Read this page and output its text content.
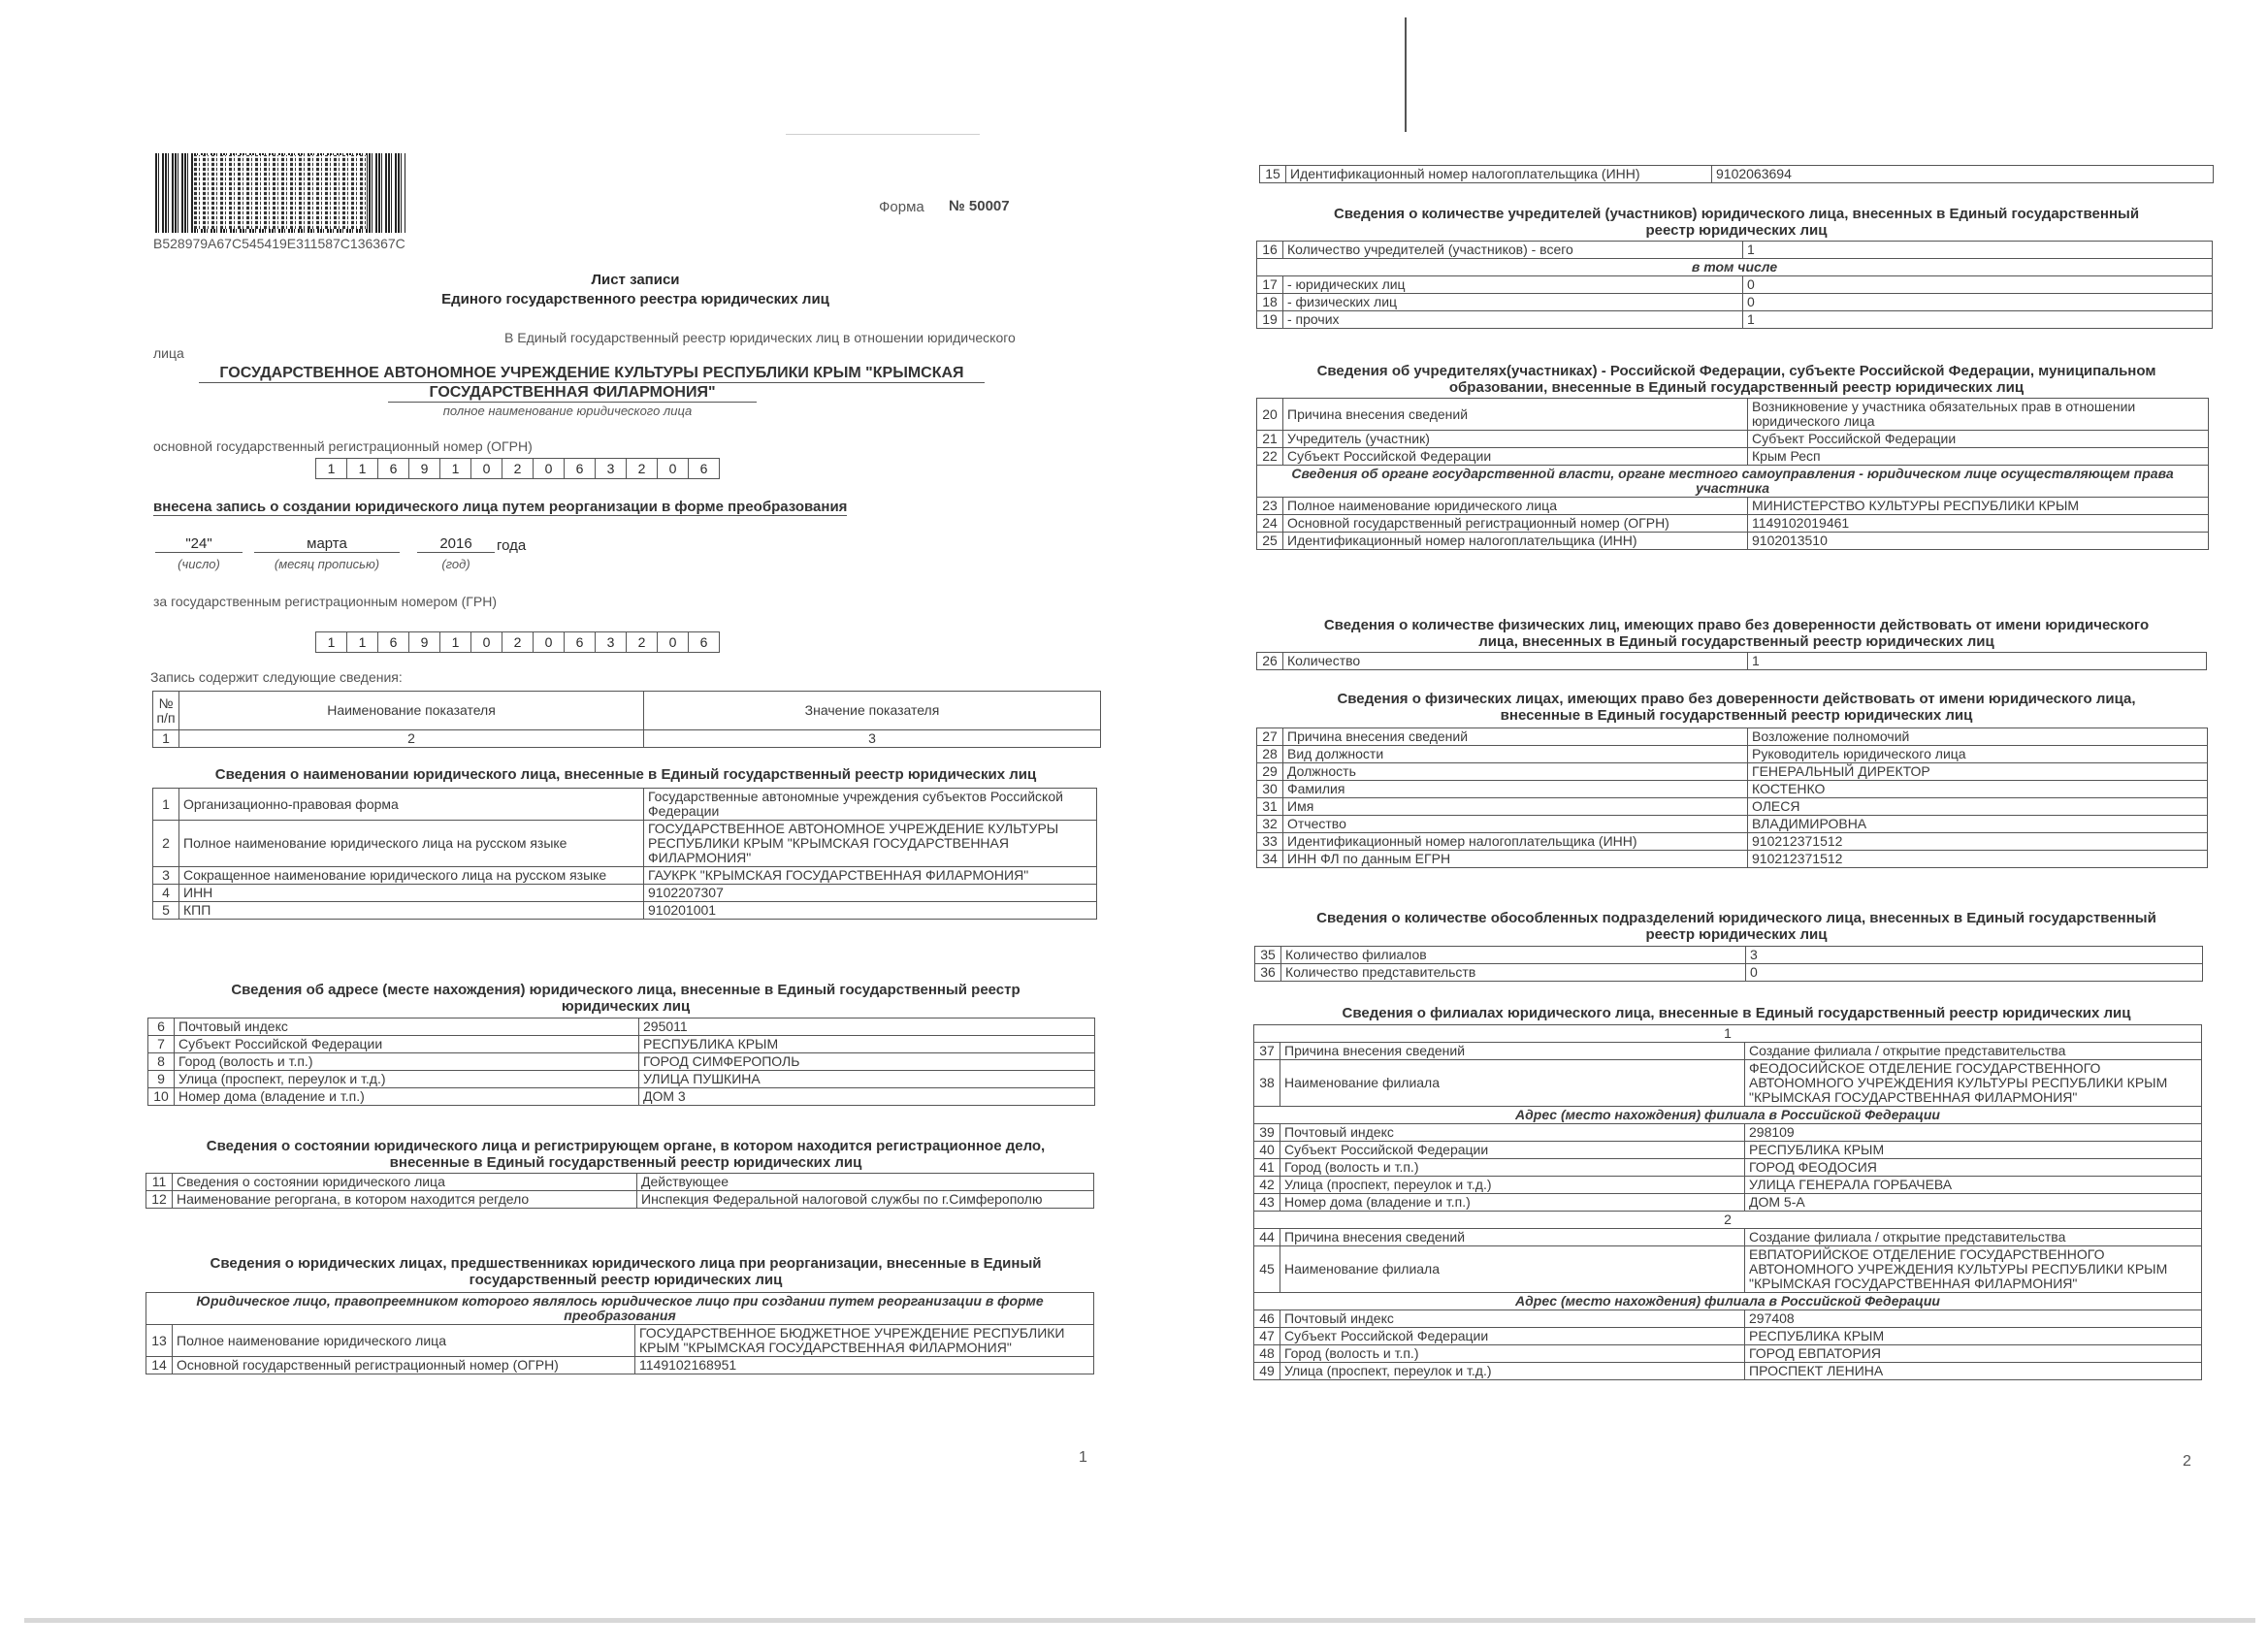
B528979A67C545419E311587C136367C
Форма № 50007
Лист записи
Единого государственного реестра юридических лиц
В Единый государственный реестр юридических лиц в отношении юридического
лица
ГОСУДАРСТВЕННОЕ АВТОНОМНОЕ УЧРЕЖДЕНИЕ КУЛЬТУРЫ РЕСПУБЛИКИ КРЫМ "КРЫМСКАЯ
ГОСУДАРСТВЕННАЯ ФИЛАРМОНИЯ"
полное наименование юридического лица
основной государственный регистрационный номер (ОГРН)
1	1	6	9	1	0	2	0	6	3	2	0	6
внесена запись о создании юридического лица путем реорганизации в форме преобразования
"24"	марта	2016	года
(число)	(месяц прописью)	(год)
за государственным регистрационным номером (ГРН)
1	1	6	9	1	0	2	0	6	3	2	0	6
Запись содержит следующие сведения:
№
п/п	Наименование показателя	Значение показателя
1	2	3
Сведения о наименовании юридического лица, внесенные в Единый государственный реестр юридических лиц
1	Организационно-правовая форма	Государственные автономные учреждения субъектов Российской Федерации
2	Полное наименование юридического лица на русском языке	ГОСУДАРСТВЕННОЕ АВТОНОМНОЕ УЧРЕЖДЕНИЕ КУЛЬТУРЫ РЕСПУБЛИКИ КРЫМ "КРЫМСКАЯ ГОСУДАРСТВЕННАЯ ФИЛАРМОНИЯ"
3	Сокращенное наименование юридического лица на русском языке	ГАУКРК "КРЫМСКАЯ ГОСУДАРСТВЕННАЯ ФИЛАРМОНИЯ"
4	ИНН	9102207307
5	КПП	910201001
Сведения об адресе (месте нахождения) юридического лица, внесенные в Единый государственный реестр
юридических лиц
6	Почтовый индекс	295011
7	Субъект Российской Федерации	РЕСПУБЛИКА КРЫМ
8	Город (волость и т.п.)	ГОРОД СИМФЕРОПОЛЬ
9	Улица (проспект, переулок и т.д.)	УЛИЦА ПУШКИНА
10	Номер дома (владение и т.п.)	ДОМ 3
Сведения о состоянии юридического лица и регистрирующем органе, в котором находится регистрационное дело,
внесенные в Единый государственный реестр юридических лиц
11	Сведения о состоянии юридического лица	Действующее
12	Наименование регоргана, в котором находится регдело	Инспекция Федеральной налоговой службы по г.Симферополю
Сведения о юридических лицах, предшественниках юридического лица при реорганизации, внесенные в Единый
государственный реестр юридических лиц
Юридическое лицо, правопреемником которого являлось юридическое лицо при создании путем реорганизации в форме преобразования		
13	Полное наименование юридического лица	ГОСУДАРСТВЕННОЕ БЮДЖЕТНОЕ УЧРЕЖДЕНИЕ РЕСПУБЛИКИ КРЫМ "КРЫМСКАЯ ГОСУДАРСТВЕННАЯ ФИЛАРМОНИЯ"
14	Основной государственный регистрационный номер (ОГРН)	1149102168951
1
15	Идентификационный номер налогоплательщика (ИНН)	9102063694
Сведения о количестве учредителей (участников) юридического лица, внесенных в Единый государственный
реестр юридических лиц
16	Количество учредителей (участников) - всего	1
в том числе		
17	- юридических лиц	0
18	- физических лиц	0
19	- прочих	1
Сведения об учредителях(участниках) - Российской Федерации, субъекте Российской Федерации, муниципальном
образовании, внесенные в Единый государственный реестр юридических лиц
20	Причина внесения сведений	Возникновение у участника обязательных прав в отношении юридического лица
21	Учредитель (участник)	Субъект Российской Федерации
22	Субъект Российской Федерации	Крым Респ
Сведения об органе государственной власти, органе местного самоуправления - юридическом лице осуществляющем права участника		
23	Полное наименование юридического лица	МИНИСТЕРСТВО КУЛЬТУРЫ РЕСПУБЛИКИ КРЫМ
24	Основной государственный регистрационный номер (ОГРН)	1149102019461
25	Идентификационный номер налогоплательщика (ИНН)	9102013510
Сведения о количестве физических лиц, имеющих право без доверенности действовать от имени юридического
лица, внесенных в Единый государственный реестр юридических лиц
26	Количество	1
Сведения о физических лицах, имеющих право без доверенности действовать от имени юридического лица,
внесенные в Единый государственный реестр юридических лиц
27	Причина внесения сведений	Возложение полномочий
28	Вид должности	Руководитель юридического лица
29	Должность	ГЕНЕРАЛЬНЫЙ ДИРЕКТОР
30	Фамилия	КОСТЕНКО
31	Имя	ОЛЕСЯ
32	Отчество	ВЛАДИМИРОВНА
33	Идентификационный номер налогоплательщика (ИНН)	910212371512
34	ИНН ФЛ по данным ЕГРН	910212371512
Сведения о количестве обособленных подразделений юридического лица, внесенных в Единый государственный
реестр юридических лиц
35	Количество филиалов	3
36	Количество представительств	0
Сведения о филиалах юридического лица, внесенные в Единый государственный реестр юридических лиц
1		
37	Причина внесения сведений	Создание филиала / открытие представительства
38	Наименование филиала	ФЕОДОСИЙСКОЕ ОТДЕЛЕНИЕ ГОСУДАРСТВЕННОГО АВТОНОМНОГО УЧРЕЖДЕНИЯ КУЛЬТУРЫ РЕСПУБЛИКИ КРЫМ "КРЫМСКАЯ ГОСУДАРСТВЕННАЯ ФИЛАРМОНИЯ"
Адрес (место нахождения) филиала в Российской Федерации		
39	Почтовый индекс	298109
40	Субъект Российской Федерации	РЕСПУБЛИКА КРЫМ
41	Город (волость и т.п.)	ГОРОД ФЕОДОСИЯ
42	Улица (проспект, переулок и т.д.)	УЛИЦА ГЕНЕРАЛА ГОРБАЧЕВА
43	Номер дома (владение и т.п.)	ДОМ 5-А
2		
44	Причина внесения сведений	Создание филиала / открытие представительства
45	Наименование филиала	ЕВПАТОРИЙСКОЕ ОТДЕЛЕНИЕ ГОСУДАРСТВЕННОГО АВТОНОМНОГО УЧРЕЖДЕНИЯ КУЛЬТУРЫ РЕСПУБЛИКИ КРЫМ "КРЫМСКАЯ ГОСУДАРСТВЕННАЯ ФИЛАРМОНИЯ"
Адрес (место нахождения) филиала в Российской Федерации		
46	Почтовый индекс	297408
47	Субъект Российской Федерации	РЕСПУБЛИКА КРЫМ
48	Город (волость и т.п.)	ГОРОД ЕВПАТОРИЯ
49	Улица (проспект, переулок и т.д.)	ПРОСПЕКТ ЛЕНИНА
2
